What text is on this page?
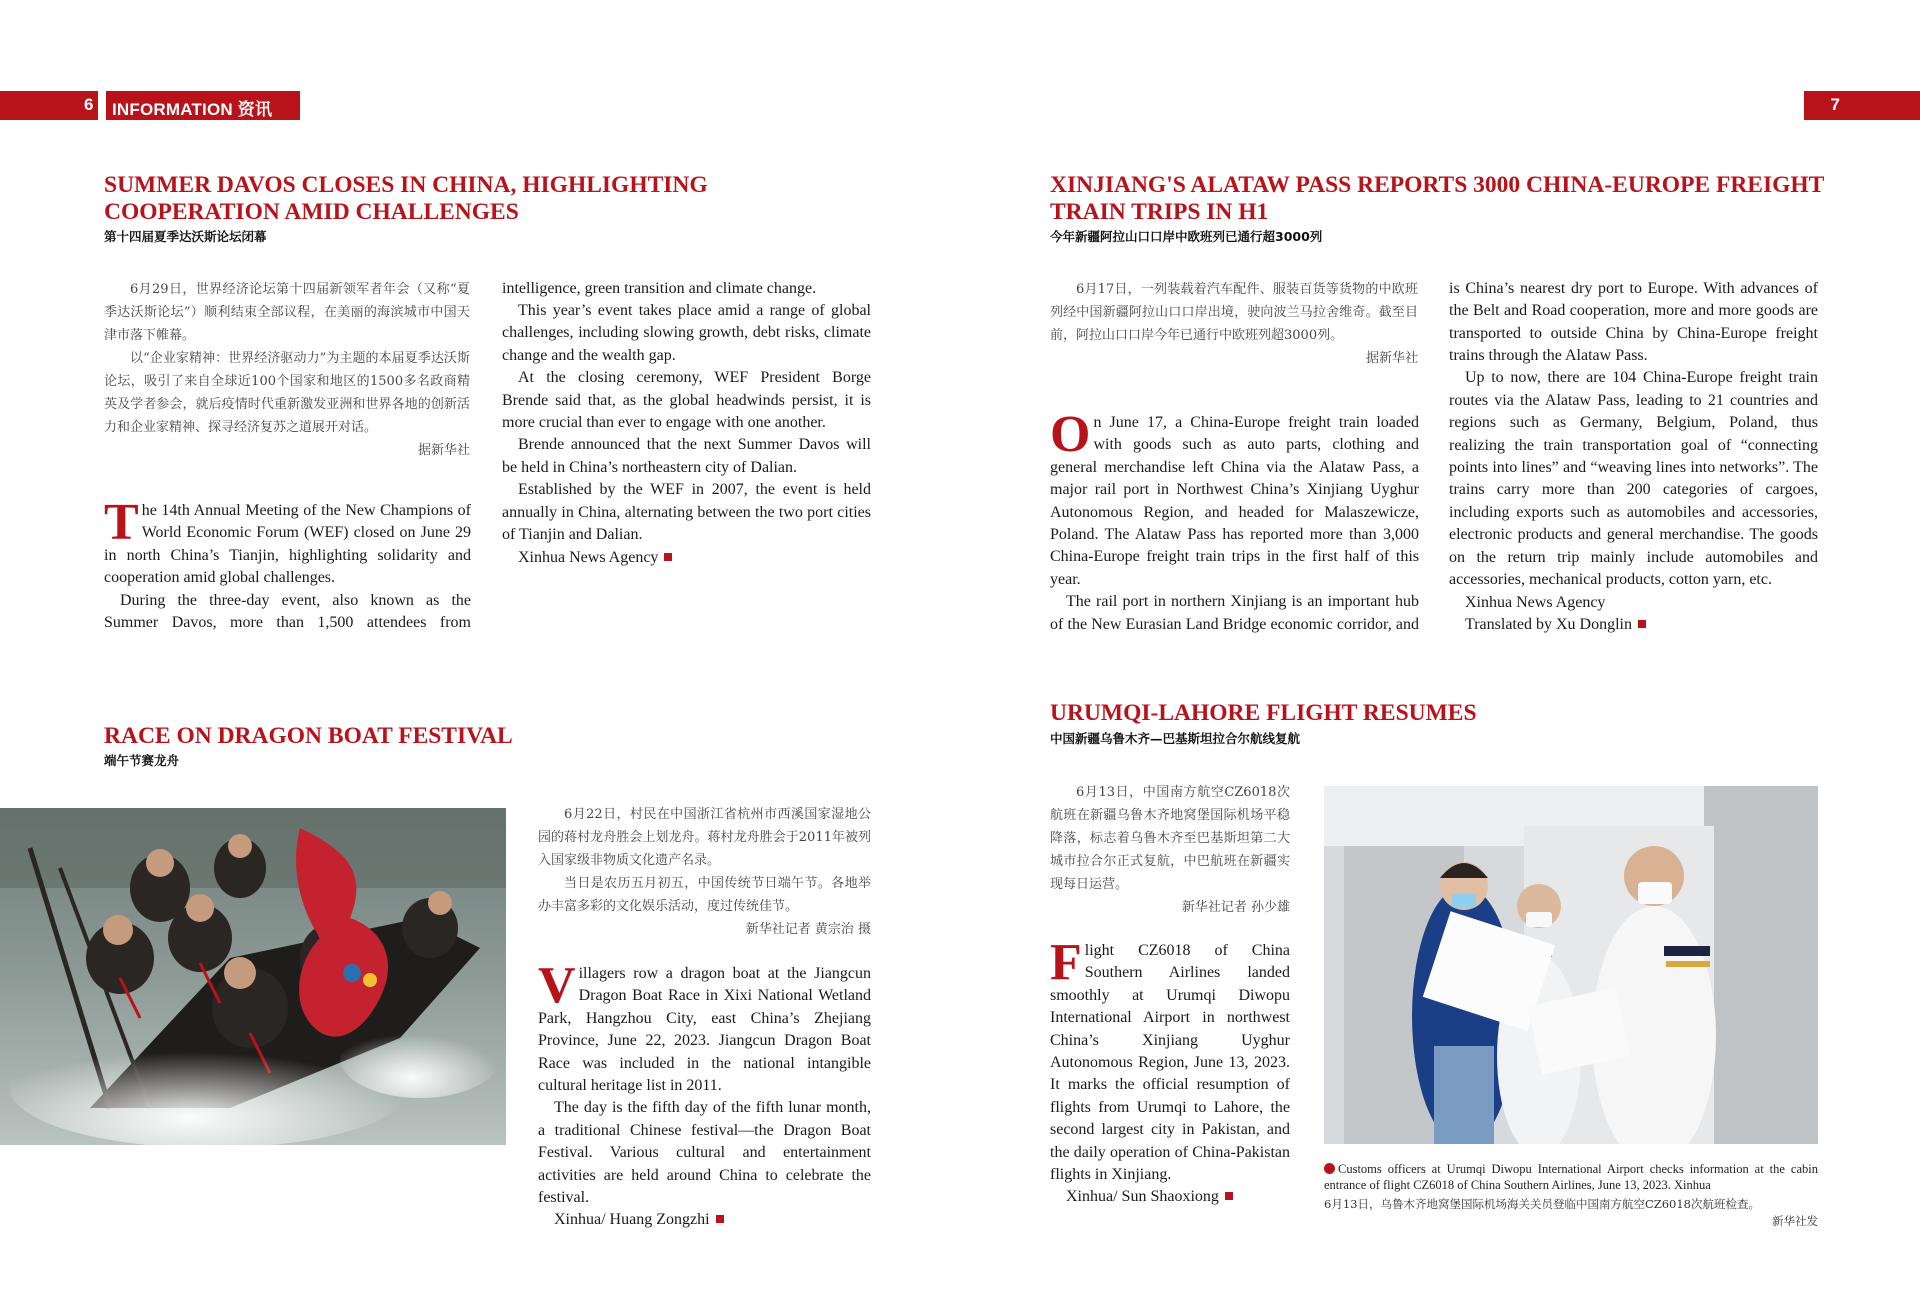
6 INFORMATION 资讯	7
SUMMER DAVOS CLOSES IN CHINA, HIGHLIGHTING COOPERATION AMID CHALLENGES
第十四届夏季达沃斯论坛闭幕

6月29日，世界经济论坛第十四届新领军者年会（又称“夏季达沃斯论坛”）顺利结束全部议程，在美丽的海滨城市中国天津市落下帷幕。

以“企业家精神：世界经济驱动力”为主题的本届夏季达沃斯论坛，吸引了来自全球近100个国家和地区的1500多名政商精英及学者参会，就后疫情时代重新激发亚洲和世界各地的创新活力和企业家精神、探寻经济复苏之道展开对话。

据新华社

The 14th Annual Meeting of the New Champions of World Economic Forum (WEF) closed on June 29 in north China’s Tianjin, highlighting solidarity and cooperation amid global challenges.

During the three-day event, also known as the Summer Davos, more than 1,500 attendees from

intelligence, green transition and climate change.

This year’s event takes place amid a range of global challenges, including slowing growth, debt risks, climate change and the wealth gap.

At the closing ceremony, WEF President Borge Brende said that, as the global headwinds persist, it is more crucial than ever to engage with one another.

Brende announced that the next Summer Davos will be held in China’s northeastern city of Dalian.

Established by the WEF in 2007, the event is held annually in China, alternating between the two port cities of Tianjin and Dalian.

Xinhua News Agency

XINJIANG'S ALATAW PASS REPORTS 3000 CHINA-EUROPE FREIGHT TRAIN TRIPS IN H1
今年新疆阿拉山口口岸中欧班列已通行超3000列

6月17日，一列装载着汽车配件、服装百货等货物的中欧班列经中国新疆阿拉山口口岸出境，驶向波兰马拉舍维奇。截至目前，阿拉山口口岸今年已通行中欧班列超3000列。

据新华社

On June 17, a China-Europe freight train loaded with goods such as auto parts, clothing and general merchandise left China via the Alataw Pass, a major rail port in Northwest China’s Xinjiang Uyghur Autonomous Region, and headed for Malaszewicze, Poland. The Alataw Pass has reported more than 3,000 China-Europe freight train trips in the first half of this year.

The rail port in northern Xinjiang is an important hub of the New Eurasian Land Bridge economic corridor, and

is China’s nearest dry port to Europe. With advances of the Belt and Road cooperation, more and more goods are transported to outside China by China-Europe freight trains through the Alataw Pass.

Up to now, there are 104 China-Europe freight train routes via the Alataw Pass, leading to 21 countries and regions such as Germany, Belgium, Poland, thus realizing the train transportation goal of “connecting points into lines” and “weaving lines into networks”. The trains carry more than 200 categories of cargoes, including exports such as automobiles and accessories, electronic products and general merchandise. The goods on the return trip mainly include automobiles and accessories, mechanical products, cotton yarn, etc.

Xinhua News Agency

Translated by Xu Donglin

RACE ON DRAGON BOAT FESTIVAL
端午节赛龙舟

6月22日，村民在中国浙江省杭州市西溪国家湿地公园的蒋村龙舟胜会上划龙舟。蒋村龙舟胜会于2011年被列入国家级非物质文化遗产名录。

当日是农历五月初五，中国传统节日端午节。各地举办丰富多彩的文化娱乐活动，度过传统佳节。

新华社记者 黄宗治 摄

Villagers row a dragon boat at the Jiangcun Dragon Boat Race in Xixi National Wetland Park, Hangzhou City, east China’s Zhejiang Province, June 22, 2023. Jiangcun Dragon Boat Race was included in the national intangible cultural heritage list in 2011.

The day is the fifth day of the fifth lunar month, a traditional Chinese festival—the Dragon Boat Festival. Various cultural and entertainment activities are held around China to celebrate the festival.

Xinhua/ Huang Zongzhi

URUMQI-LAHORE FLIGHT RESUMES
中国新疆乌鲁木齐—巴基斯坦拉合尔航线复航

6月13日，中国南方航空CZ6018次航班在新疆乌鲁木齐地窝堡国际机场平稳降落，标志着乌鲁木齐至巴基斯坦第二大城市拉合尔正式复航，中巴航班在新疆实现每日运营。

新华社记者 孙少雄

Flight CZ6018 of China Southern Airlines landed smoothly at Urumqi Diwopu International Airport in northwest China’s Xinjiang Uyghur Autonomous Region, June 13, 2023. It marks the official resumption of flights from Urumqi to Lahore, the second largest city in Pakistan, and the daily operation of China-Pakistan flights in Xinjiang.

Xinhua/ Sun Shaoxiong

Customs officers at Urumqi Diwopu International Airport checks information at the cabin entrance of flight CZ6018 of China Southern Airlines, June 13, 2023. Xinhua
6月13日，乌鲁木齐地窝堡国际机场海关关员登临中国南方航空CZ6018次航班检查。
新华社发
